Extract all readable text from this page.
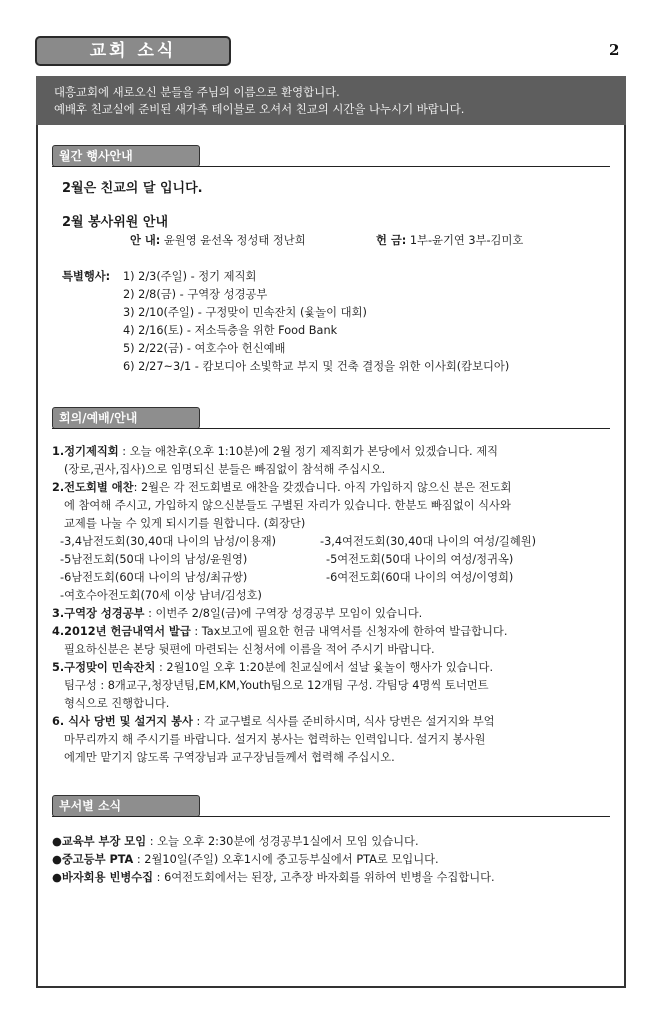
교회 소식	2
대흥교회에 새로오신 분들을 주님의 이름으로 환영합니다.
예배후 친교실에 준비된 새가족 테이블로 오셔서 친교의 시간을 나누시기 바랍니다.
월간 행사안내
2월은 친교의 달 입니다.
2월 봉사위원 안내
안 내: 윤원영 윤선옥 정성태 정난희	헌 금: 1부-윤기연 3부-김미호
특별행사: 1) 2/3(주일) - 정기 제직회
2) 2/8(금) - 구역장 성경공부
3) 2/10(주일) - 구정맞이 민속잔치 (윷놀이 대회)
4) 2/16(토) - 저소득층을 위한 Food Bank
5) 2/22(금) - 여호수아 헌신예배
6) 2/27~3/1 - 캄보디아 소빛학교 부지 및 건축 결정을 위한 이사회(캄보디아)
회의/예배/안내
1.정기제직회 : 오늘 애찬후(오후 1:10분)에 2월 정기 제직회가 본당에서 있겠습니다. 제직
(장로,권사,집사)으로 임명되신 분들은 빠짐없이 참석해 주십시오.
2.전도회별 애찬: 2월은 각 전도회별로 애찬을 갖겠습니다. 아직 가입하지 않으신 분은 전도회
에 참여해 주시고, 가입하지 않으신분들도 구별된 자리가 있습니다. 한분도 빠짐없이 식사와
교제를 나눌 수 있게 되시기를 원합니다. (회장단)
-3,4남전도회(30,40대 나이의 남성/이용재)
-5남전도회(50대 나이의 남성/윤원영)
-6남전도회(60대 나이의 남성/최규쌍)
-여호수아전도회(70세 이상 남녀/김성호)
-3,4여전도회(30,40대 나이의 여성/길혜원)
-5여전도회(50대 나이의 여성/정귀옥)
-6여전도회(60대 나이의 여성/이영희)
3.구역장 성경공부 : 이번주 2/8일(금)에 구역장 성경공부 모임이 있습니다.
4.2012년 헌금내역서 발급 : Tax보고에 필요한 헌금 내역서를 신청자에 한하여 발급합니다.
필요하신분은 본당 뒷편에 마련되는 신청서에 이름을 적어 주시기 바랍니다.
5.구정맞이 민속잔치 : 2월10일 오후 1:20분에 친교실에서 설날 윷놀이 행사가 있습니다.
팀구성 : 8개교구,청장년팀,EM,KM,Youth팀으로 12개팀 구성. 각팀당 4명씩 토너먼트
형식으로 진행합니다.
6. 식사 당번 및 설거지 봉사 : 각 교구별로 식사를 준비하시며, 식사 당번은 설거지와 부엌
마무리까지 해 주시기를 바랍니다. 설거지 봉사는 협력하는 인력입니다. 설거지 봉사원
에게만 맡기지 않도록 구역장님과 교구장님들께서 협력해 주십시오.
부서별 소식
●교육부 부장 모임 : 오늘 오후 2:30분에 성경공부1실에서 모임 있습니다.
●중고등부 PTA : 2월10일(주일) 오후1시에 중고등부실에서 PTA로 모입니다.
●바자회용 빈병수집 : 6여전도회에서는 된장, 고추장 바자회를 위하여 빈병을 수집합니다.
